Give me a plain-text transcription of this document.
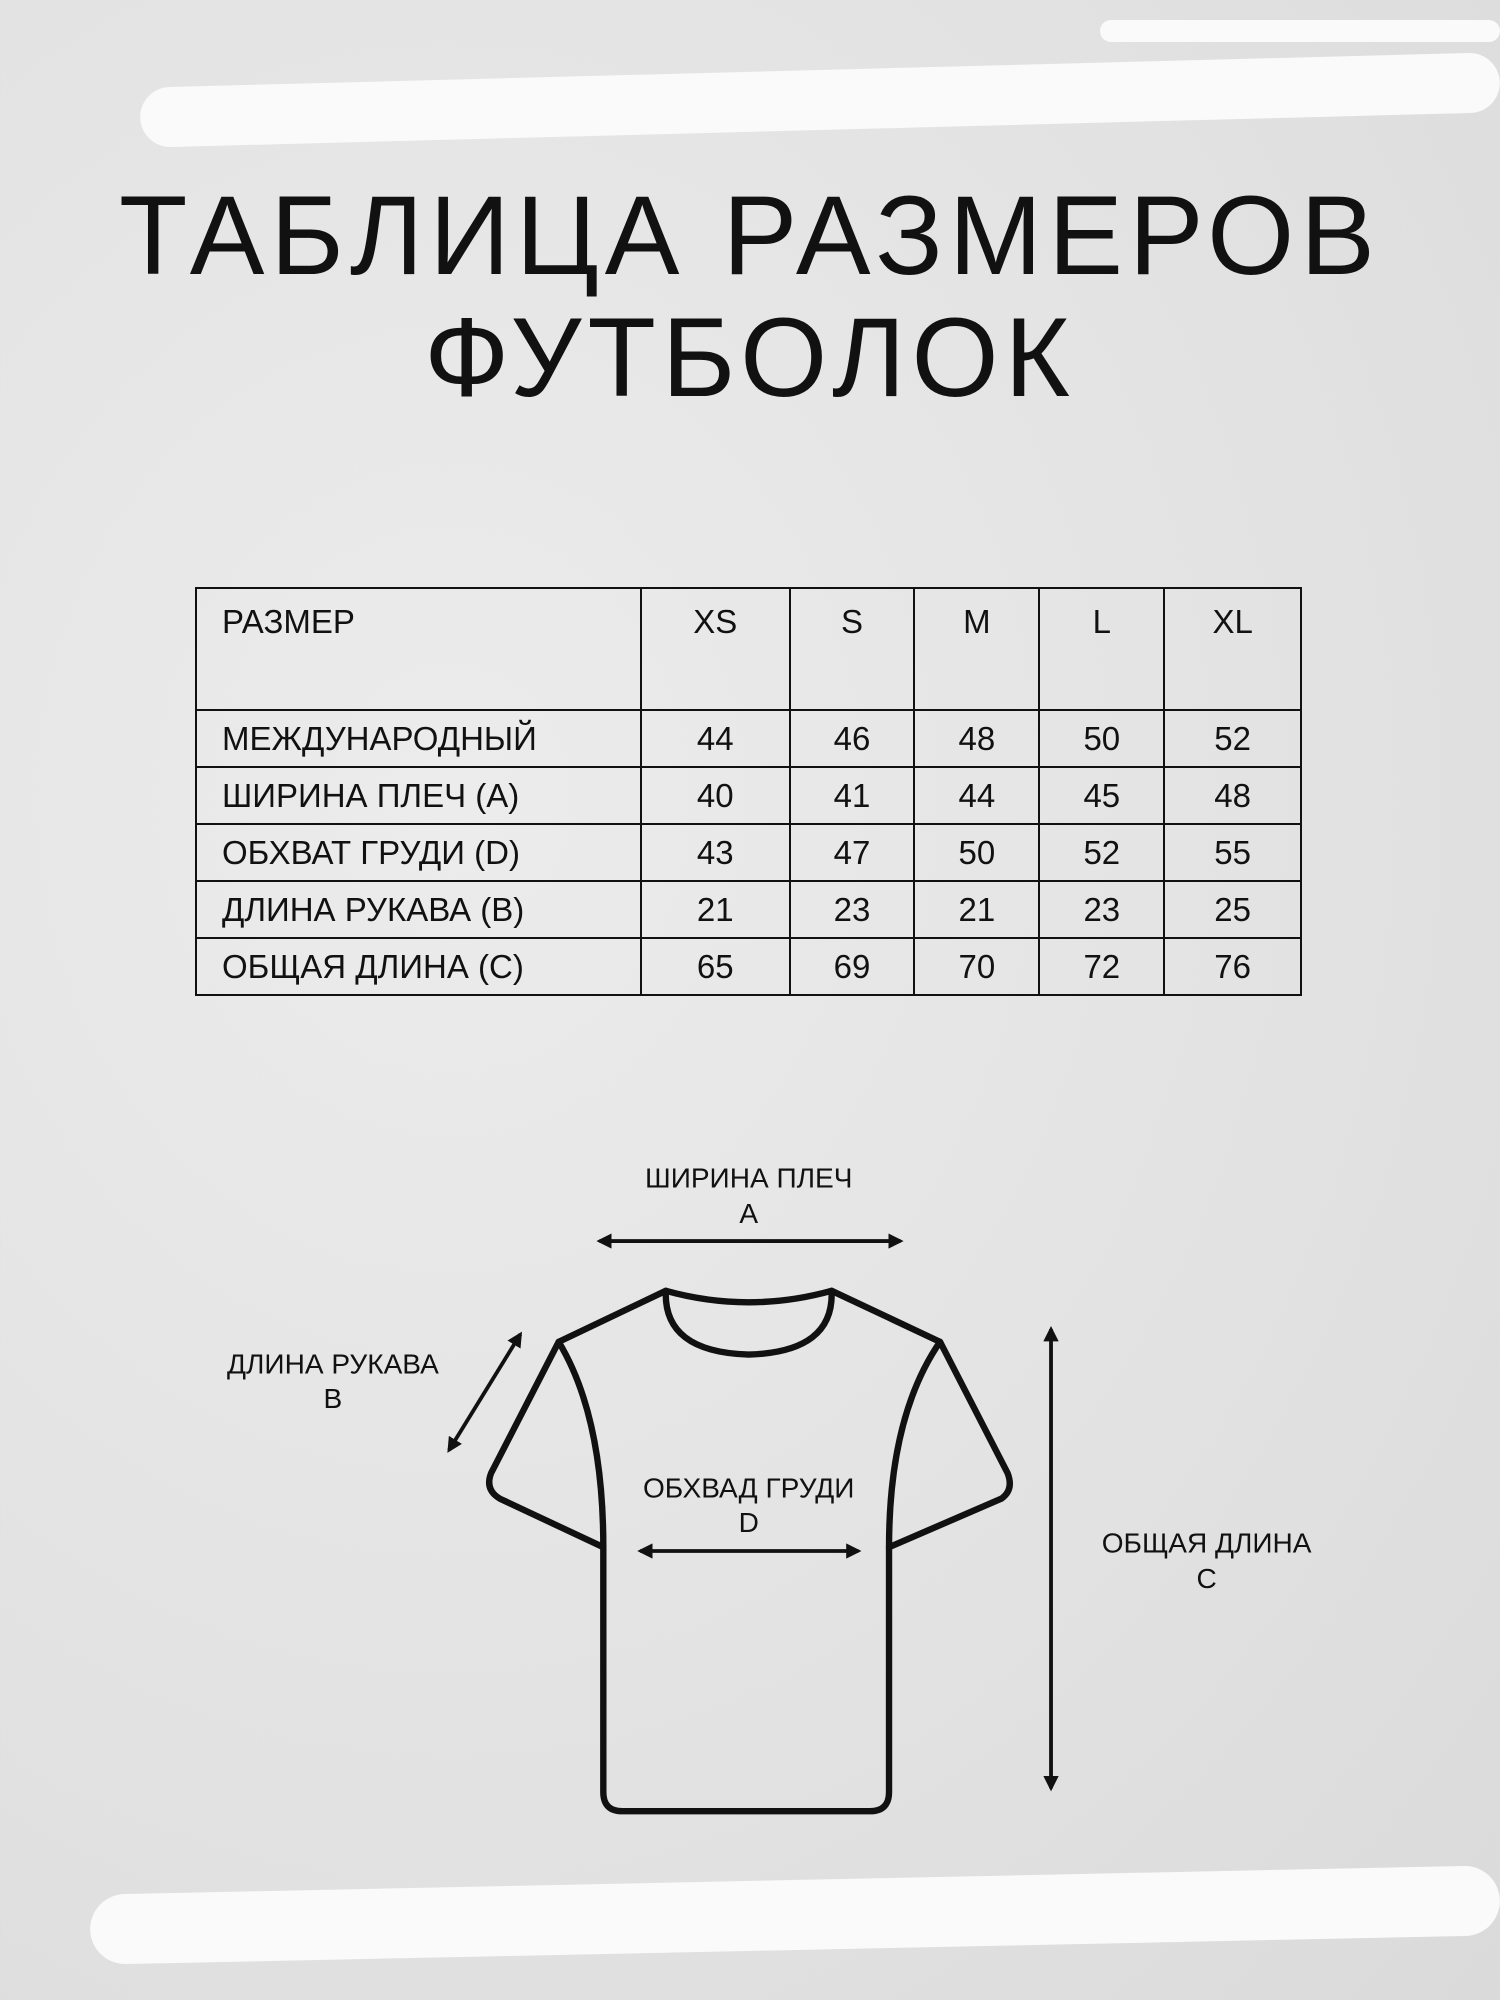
ТАБЛИЦА РАЗМЕРОВ
ФУТБОЛОК
РАЗМЕР	XS	S	M	L	XL
МЕЖДУНАРОДНЫЙ	44	46	48	50	52
ШИРИНА ПЛЕЧ (А)	40	41	44	45	48
ОБХВАТ ГРУДИ (D)	43	47	50	52	55
ДЛИНА РУКАВА (B)	21	23	21	23	25
ОБЩАЯ ДЛИНА (C)	65	69	70	72	76
ШИРИНА ПЛЕЧ
A
ДЛИНА РУКАВА
B
ОБХВАД ГРУДИ
D
ОБЩАЯ ДЛИНА
C
